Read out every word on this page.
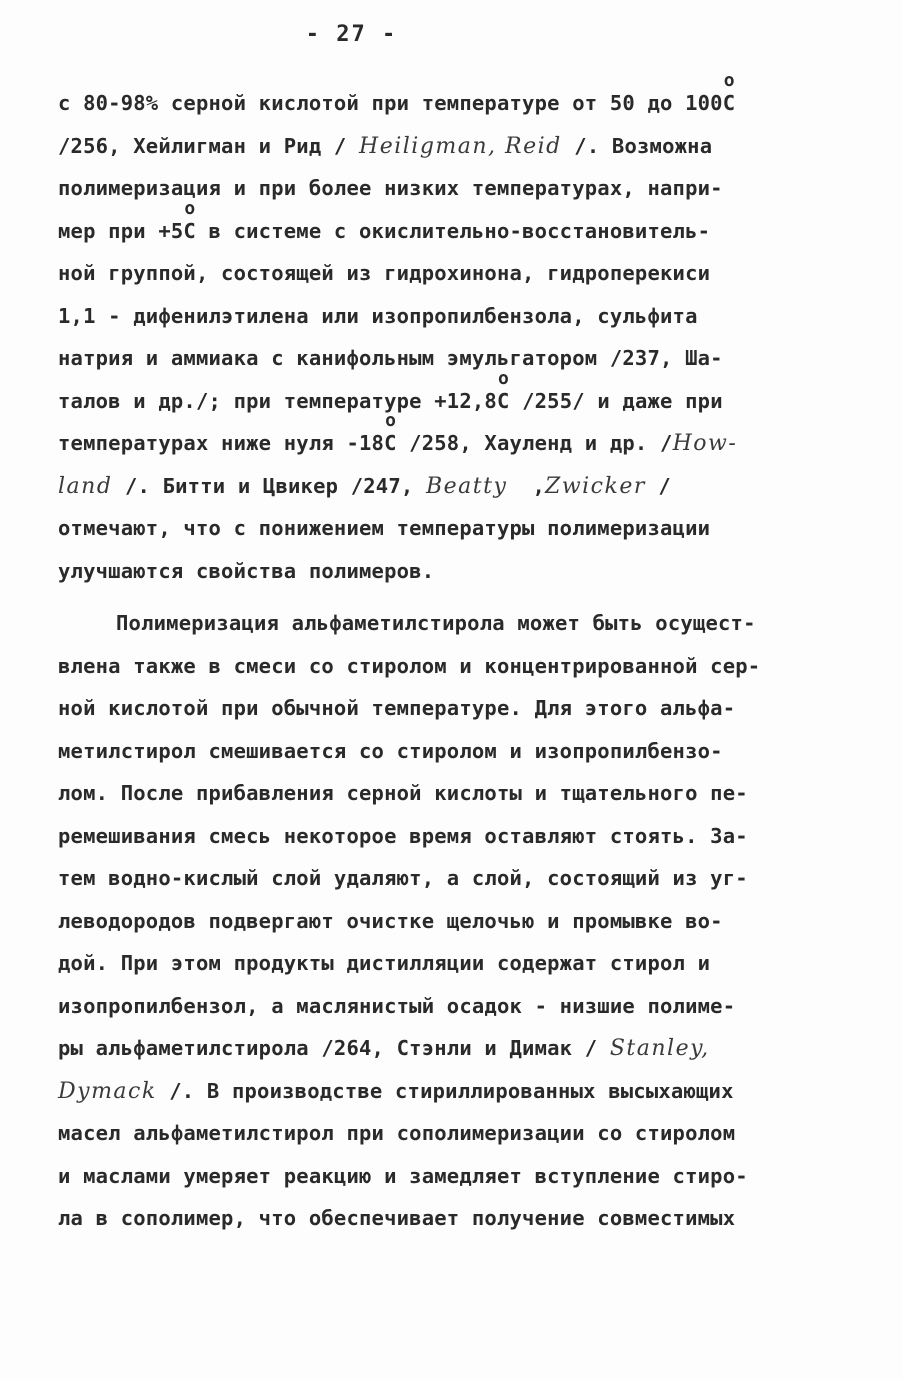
- 27 -
с 80-98% серной кислотой при температуре от 50 до 100o C
/256, Хейлигман и Рид / Heiligman, Reid /. Возможна
полимеризация и при более низких температурах, напри-
мер при +5o C в системе с окислительно-восстановитель-
ной группой, состоящей из гидрохинона, гидроперекиси
1,1 - дифенилэтилена или изопропилбензола, сульфита
натрия и аммиака с канифольным эмульгатором /237, Ша-
талов и др./; при температуре +12,8o C /255/ и даже при
температурах ниже нуля -18o C /258, Хауленд и др. /How-
land /. Битти и Цвикер /247, Beatty  ,Zwicker /
отмечают, что с понижением температуры полимеризации
улучшаются свойства полимеров.
Полимеризация альфаметилстирола может быть осущест-
влена также в смеси со стиролом и концентрированной сер-
ной кислотой при обычной температуре. Для этого альфа-
метилстирол смешивается со стиролом и изопропилбензо-
лом. После прибавления серной кислоты и тщательного пе-
ремешивания смесь некоторое время оставляют стоять. За-
тем водно-кислый слой удаляют, а слой, состоящий из уг-
леводородов подвергают очистке щелочью и промывке во-
дой. При этом продукты дистилляции содержат стирол и
изопропилбензол, а маслянистый осадок - низшие полиме-
ры альфаметилстирола /264, Стэнли и Димак / Stanley,
Dymack /. В производстве стириллированных высыхающих
масел альфаметилстирол при сополимеризации со стиролом
и маслами умеряет реакцию и замедляет вступление стиро-
ла в сополимер, что обеспечивает получение совместимых
